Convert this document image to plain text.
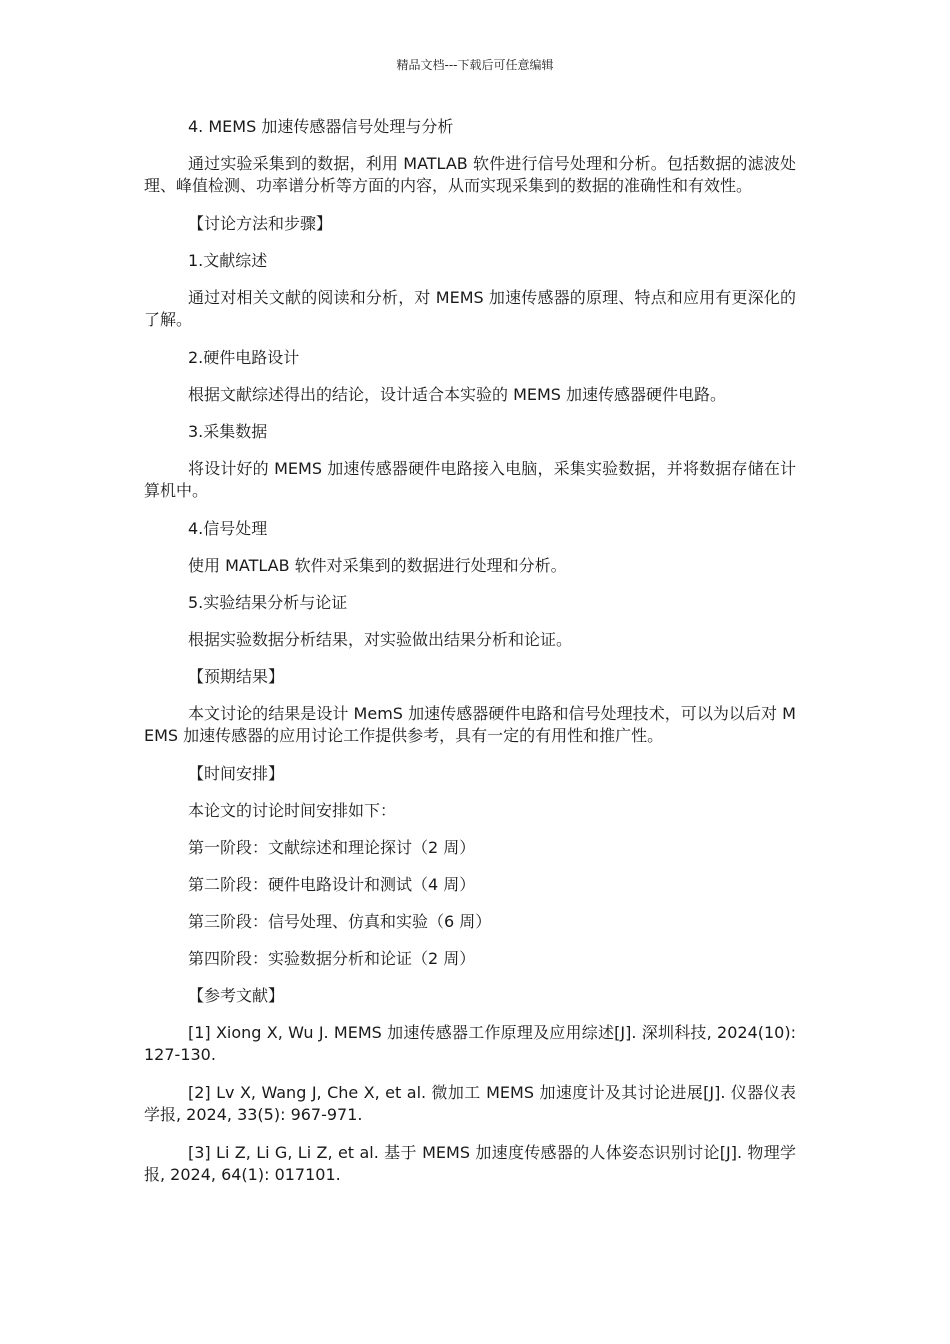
精品文档---下载后可任意编辑

4. MEMS 加速传感器信号处理与分析

通过实验采集到的数据，利用 MATLAB 软件进行信号处理和分析。包括数据的滤波处理、峰值检测、功率谱分析等方面的内容，从而实现采集到的数据的准确性和有效性。

【讨论方法和步骤】

1.文献综述

通过对相关文献的阅读和分析，对 MEMS 加速传感器的原理、特点和应用有更深化的了解。

2.硬件电路设计

根据文献综述得出的结论，设计适合本实验的 MEMS 加速传感器硬件电路。

3.采集数据

将设计好的 MEMS 加速传感器硬件电路接入电脑，采集实验数据，并将数据存储在计算机中。

4.信号处理

使用 MATLAB 软件对采集到的数据进行处理和分析。

5.实验结果分析与论证

根据实验数据分析结果，对实验做出结果分析和论证。

【预期结果】

本文讨论的结果是设计 MemS 加速传感器硬件电路和信号处理技术，可以为以后对 MEMS 加速传感器的应用讨论工作提供参考，具有一定的有用性和推广性。

【时间安排】

本论文的讨论时间安排如下：

第一阶段：文献综述和理论探讨（2 周）

第二阶段：硬件电路设计和测试（4 周）

第三阶段：信号处理、仿真和实验（6 周）

第四阶段：实验数据分析和论证（2 周）

【参考文献】

[1] Xiong X, Wu J. MEMS 加速传感器工作原理及应用综述[J]. 深圳科技, 2024(10): 127-130.

[2] Lv X, Wang J, Che X, et al. 微加工 MEMS 加速度计及其讨论进展[J]. 仪器仪表学报, 2024, 33(5): 967-971.

[3] Li Z, Li G, Li Z, et al. 基于 MEMS 加速度传感器的人体姿态识别讨论[J]. 物理学报, 2024, 64(1): 017101.
